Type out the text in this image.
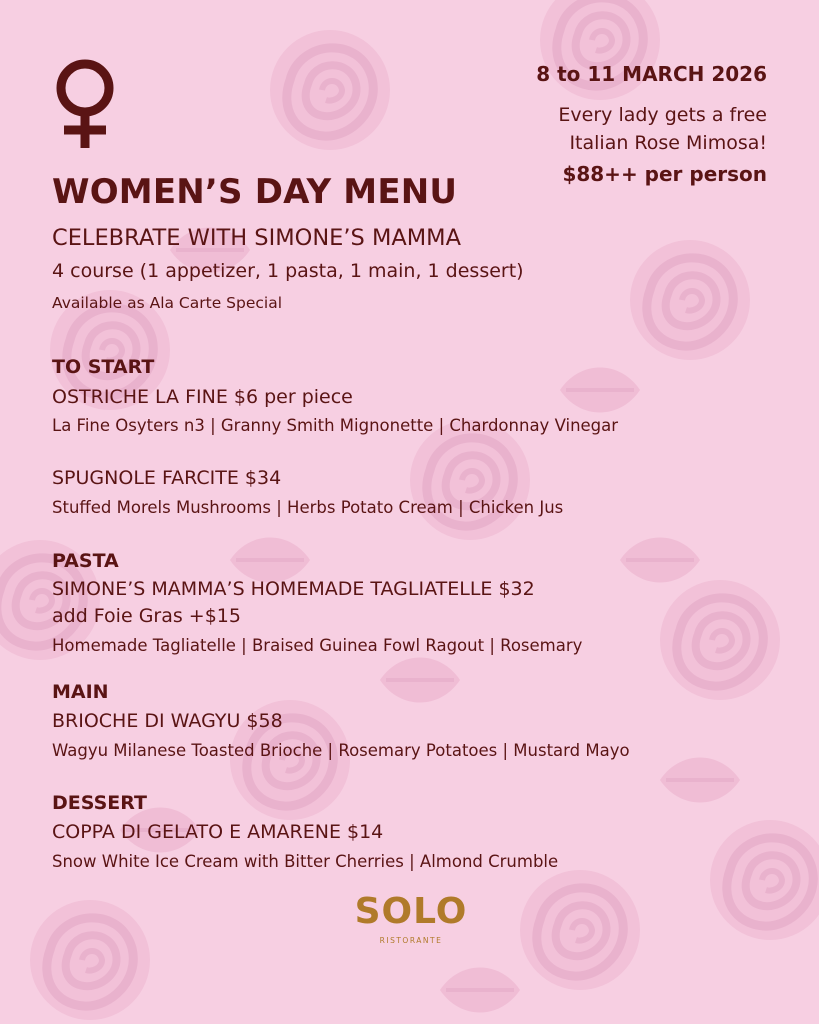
8 to 11 MARCH 2026
Every lady gets a free
Italian Rose Mimosa!
$88++ per person
WOMEN’S DAY MENU
CELEBRATE WITH SIMONE’S MAMMA
4 course (1 appetizer, 1 pasta, 1 main, 1 dessert)
Available as Ala Carte Special
TO START
OSTRICHE LA FINE $6 per piece
La Fine Osyters n3 | Granny Smith Mignonette | Chardonnay Vinegar
SPUGNOLE FARCITE $34
Stuffed Morels Mushrooms | Herbs Potato Cream | Chicken Jus
PASTA
SIMONE’S MAMMA’S HOMEMADE TAGLIATELLE $32
add Foie Gras +$15
Homemade Tagliatelle | Braised Guinea Fowl Ragout | Rosemary
MAIN
BRIOCHE DI WAGYU $58
Wagyu Milanese Toasted Brioche | Rosemary Potatoes | Mustard Mayo
DESSERT
COPPA DI GELATO E AMARENE $14
Snow White Ice Cream with Bitter Cherries | Almond Crumble
SOLO
RISTORANTE
